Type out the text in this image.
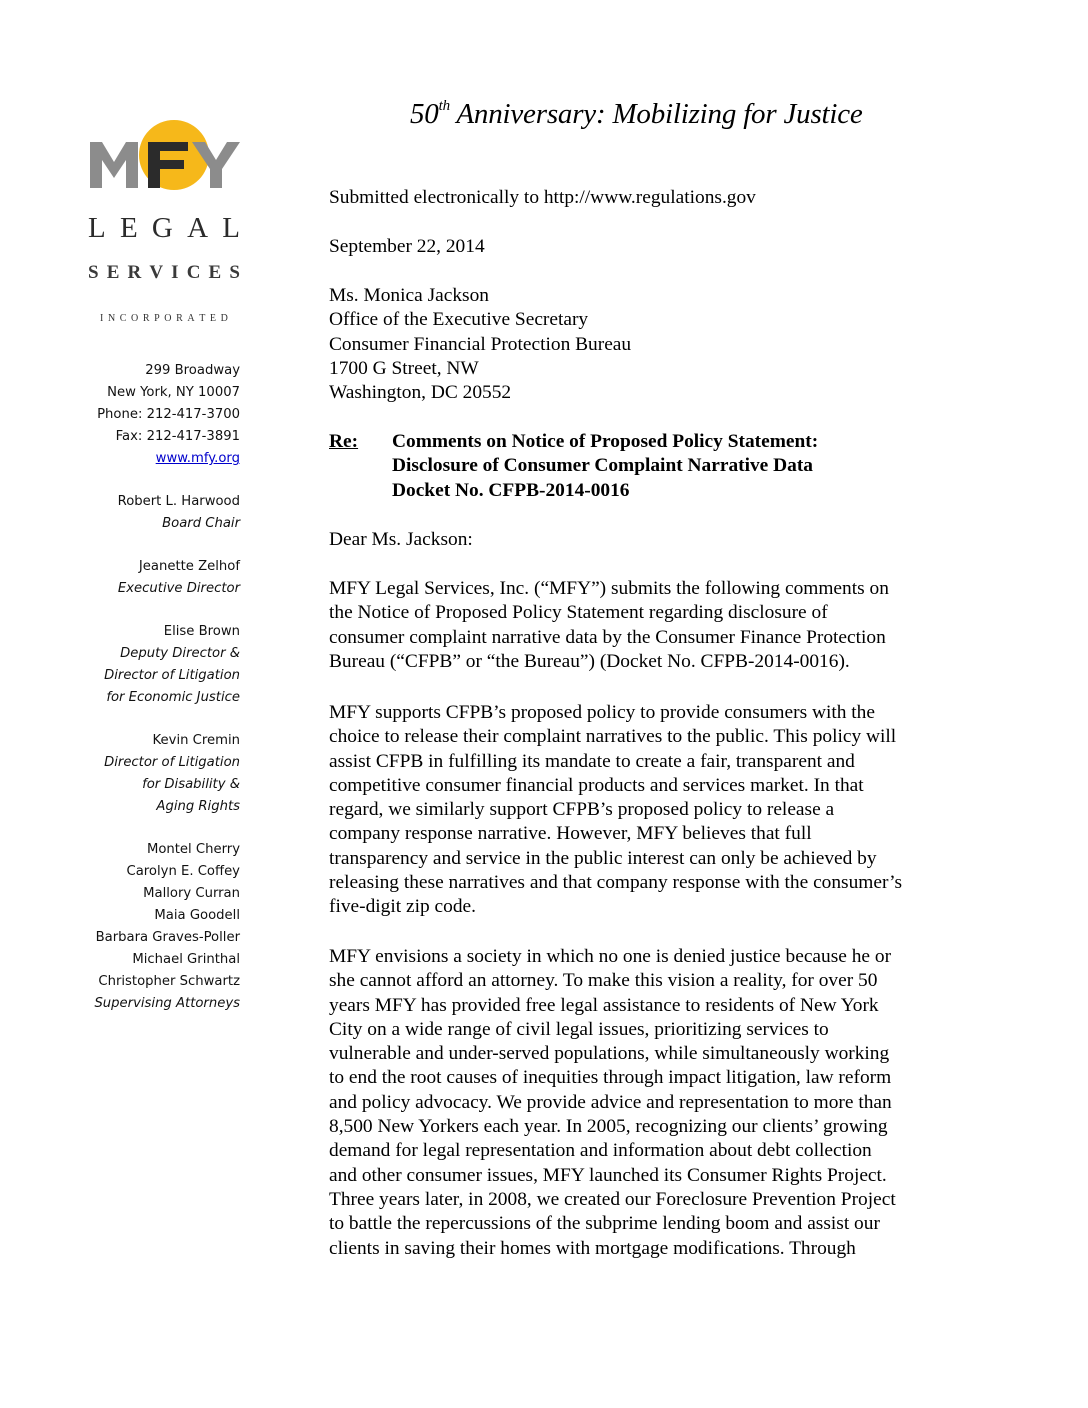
50th Anniversary: Mobilizing for Justice
L E G A L
S E R V I C E S
I N C O R P O R A T E D
299 Broadway
New York, NY 10007
Phone: 212-417-3700
Fax: 212-417-3891
www.mfy.org
Robert L. Harwood
Board Chair
Jeanette Zelhof
Executive Director
Elise Brown
Deputy Director &
Director of Litigation
for Economic Justice
Kevin Cremin
Director of Litigation
for Disability &
Aging Rights
Montel Cherry
Carolyn E. Coffey
Mallory Curran
Maia Goodell
Barbara Graves-Poller
Michael Grinthal
Christopher Schwartz
Supervising Attorneys
Submitted electronically to http://www.regulations.gov
September 22, 2014
Ms. Monica Jackson
Office of the Executive Secretary
Consumer Financial Protection Bureau
1700 G Street, NW
Washington, DC 20552
Re: Comments on Notice of Proposed Policy Statement:
Disclosure of Consumer Complaint Narrative Data
Docket No. CFPB-2014-0016
Dear Ms. Jackson:
MFY Legal Services, Inc. (“MFY”) submits the following comments on
the Notice of Proposed Policy Statement regarding disclosure of
consumer complaint narrative data by the Consumer Finance Protection
Bureau (“CFPB” or “the Bureau”) (Docket No. CFPB-2014-0016).
MFY supports CFPB’s proposed policy to provide consumers with the
choice to release their complaint narratives to the public. This policy will
assist CFPB in fulfilling its mandate to create a fair, transparent and
competitive consumer financial products and services market. In that
regard, we similarly support CFPB’s proposed policy to release a
company response narrative. However, MFY believes that full
transparency and service in the public interest can only be achieved by
releasing these narratives and that company response with the consumer’s
five-digit zip code.
MFY envisions a society in which no one is denied justice because he or
she cannot afford an attorney. To make this vision a reality, for over 50
years MFY has provided free legal assistance to residents of New York
City on a wide range of civil legal issues, prioritizing services to
vulnerable and under-served populations, while simultaneously working
to end the root causes of inequities through impact litigation, law reform
and policy advocacy. We provide advice and representation to more than
8,500 New Yorkers each year. In 2005, recognizing our clients’ growing
demand for legal representation and information about debt collection
and other consumer issues, MFY launched its Consumer Rights Project.
Three years later, in 2008, we created our Foreclosure Prevention Project
to battle the repercussions of the subprime lending boom and assist our
clients in saving their homes with mortgage modifications. Through
